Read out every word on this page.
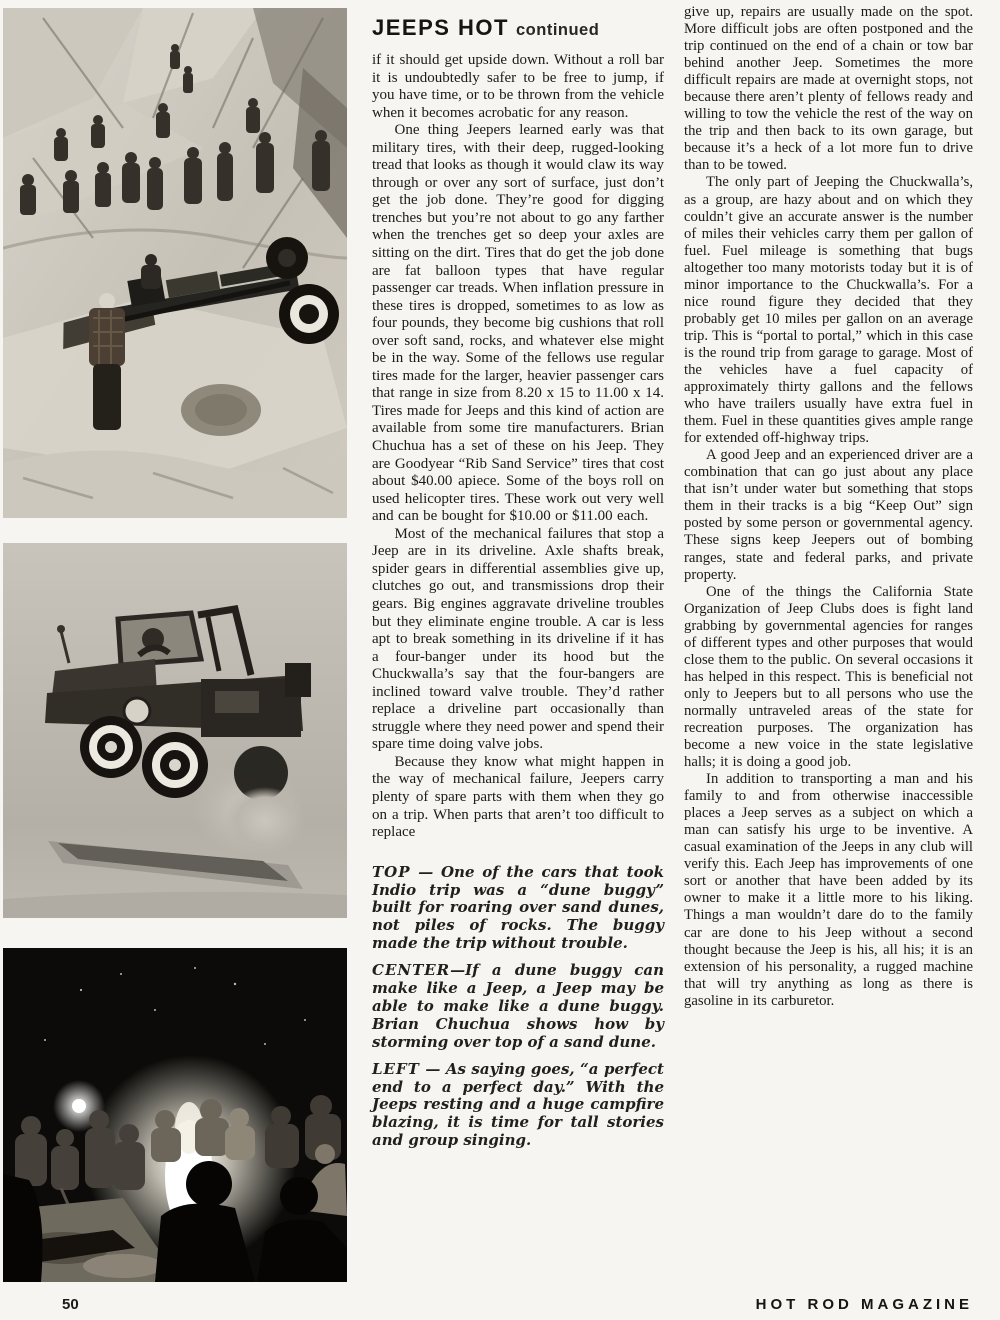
JEEPS HOT continued

if it should get upside down. Without a roll bar it is undoubtedly safer to be free to jump, if you have time, or to be thrown from the vehicle when it becomes acrobatic for any reason.

One thing Jeepers learned early was that military tires, with their deep, rugged-looking tread that looks as though it would claw its way through or over any sort of surface, just don’t get the job done. They’re good for digging trenches but you’re not about to go any farther when the trenches get so deep your axles are sitting on the dirt. Tires that do get the job done are fat balloon types that have regular passenger car treads. When inflation pressure in these tires is dropped, sometimes to as low as four pounds, they become big cushions that roll over soft sand, rocks, and whatever else might be in the way. Some of the fellows use regular tires made for the larger, heavier passenger cars that range in size from 8.20 x 15 to 11.00 x 14. Tires made for Jeeps and this kind of action are available from some tire manufacturers. Brian Chuchua has a set of these on his Jeep. They are Goodyear “Rib Sand Service” tires that cost about $40.00 apiece. Some of the boys roll on used helicopter tires. These work out very well and can be bought for $10.00 or $11.00 each.

Most of the mechanical failures that stop a Jeep are in its driveline. Axle shafts break, spider gears in differential assemblies give up, clutches go out, and transmissions drop their gears. Big engines aggravate driveline troubles but they eliminate engine trouble. A car is less apt to break something in its driveline if it has a four-banger under its hood but the Chuckwalla’s say that the four-bangers are inclined toward valve trouble. They’d rather replace a driveline part occasionally than struggle where they need power and spend their spare time doing valve jobs.

Because they know what might happen in the way of mechanical failure, Jeepers carry plenty of spare parts with them when they go on a trip. When parts that aren’t too difficult to replace

TOP — One of the cars that took Indio trip was a “dune buggy” built for roaring over sand dunes, not piles of rocks. The buggy made the trip without trouble.

CENTER—If a dune buggy can make like a Jeep, a Jeep may be able to make like a dune buggy. Brian Chuchua shows how by storming over top of a sand dune.

LEFT — As saying goes, “a perfect end to a perfect day.” With the Jeeps resting and a huge campfire blazing, it is time for tall stories and group singing.

give up, repairs are usually made on the spot. More difficult jobs are often postponed and the trip continued on the end of a chain or tow bar behind another Jeep. Sometimes the more difficult repairs are made at overnight stops, not because there aren’t plenty of fellows ready and willing to tow the vehicle the rest of the way on the trip and then back to its own garage, but because it’s a heck of a lot more fun to drive than to be towed.

The only part of Jeeping the Chuckwalla’s, as a group, are hazy about and on which they couldn’t give an accurate answer is the number of miles their vehicles carry them per gallon of fuel. Fuel mileage is something that bugs altogether too many motorists today but it is of minor importance to the Chuckwalla’s. For a nice round figure they decided that they probably get 10 miles per gallon on an average trip. This is “portal to portal,” which in this case is the round trip from garage to garage. Most of the vehicles have a fuel capacity of approximately thirty gallons and the fellows who have trailers usually have extra fuel in them. Fuel in these quantities gives ample range for extended off-highway trips.

A good Jeep and an experienced driver are a combination that can go just about any place that isn’t under water but something that stops them in their tracks is a big “Keep Out” sign posted by some person or governmental agency. These signs keep Jeepers out of bombing ranges, state and federal parks, and private property.

One of the things the California State Organization of Jeep Clubs does is fight land grabbing by governmental agencies for ranges of different types and other purposes that would close them to the public. On several occasions it has helped in this respect. This is beneficial not only to Jeepers but to all persons who use the normally untraveled areas of the state for recreation purposes. The organization has become a new voice in the state legislative halls; it is doing a good job.

In addition to transporting a man and his family to and from otherwise inaccessible places a Jeep serves as a subject on which a man can satisfy his urge to be inventive. A casual examination of the Jeeps in any club will verify this. Each Jeep has improvements of one sort or another that have been added by its owner to make it a little more to his liking. Things a man wouldn’t dare do to the family car are done to his Jeep without a second thought because the Jeep is his, all his; it is an extension of his personality, a rugged machine that will try anything as long as there is gasoline in its carburetor.

50	HOT ROD MAGAZINE
